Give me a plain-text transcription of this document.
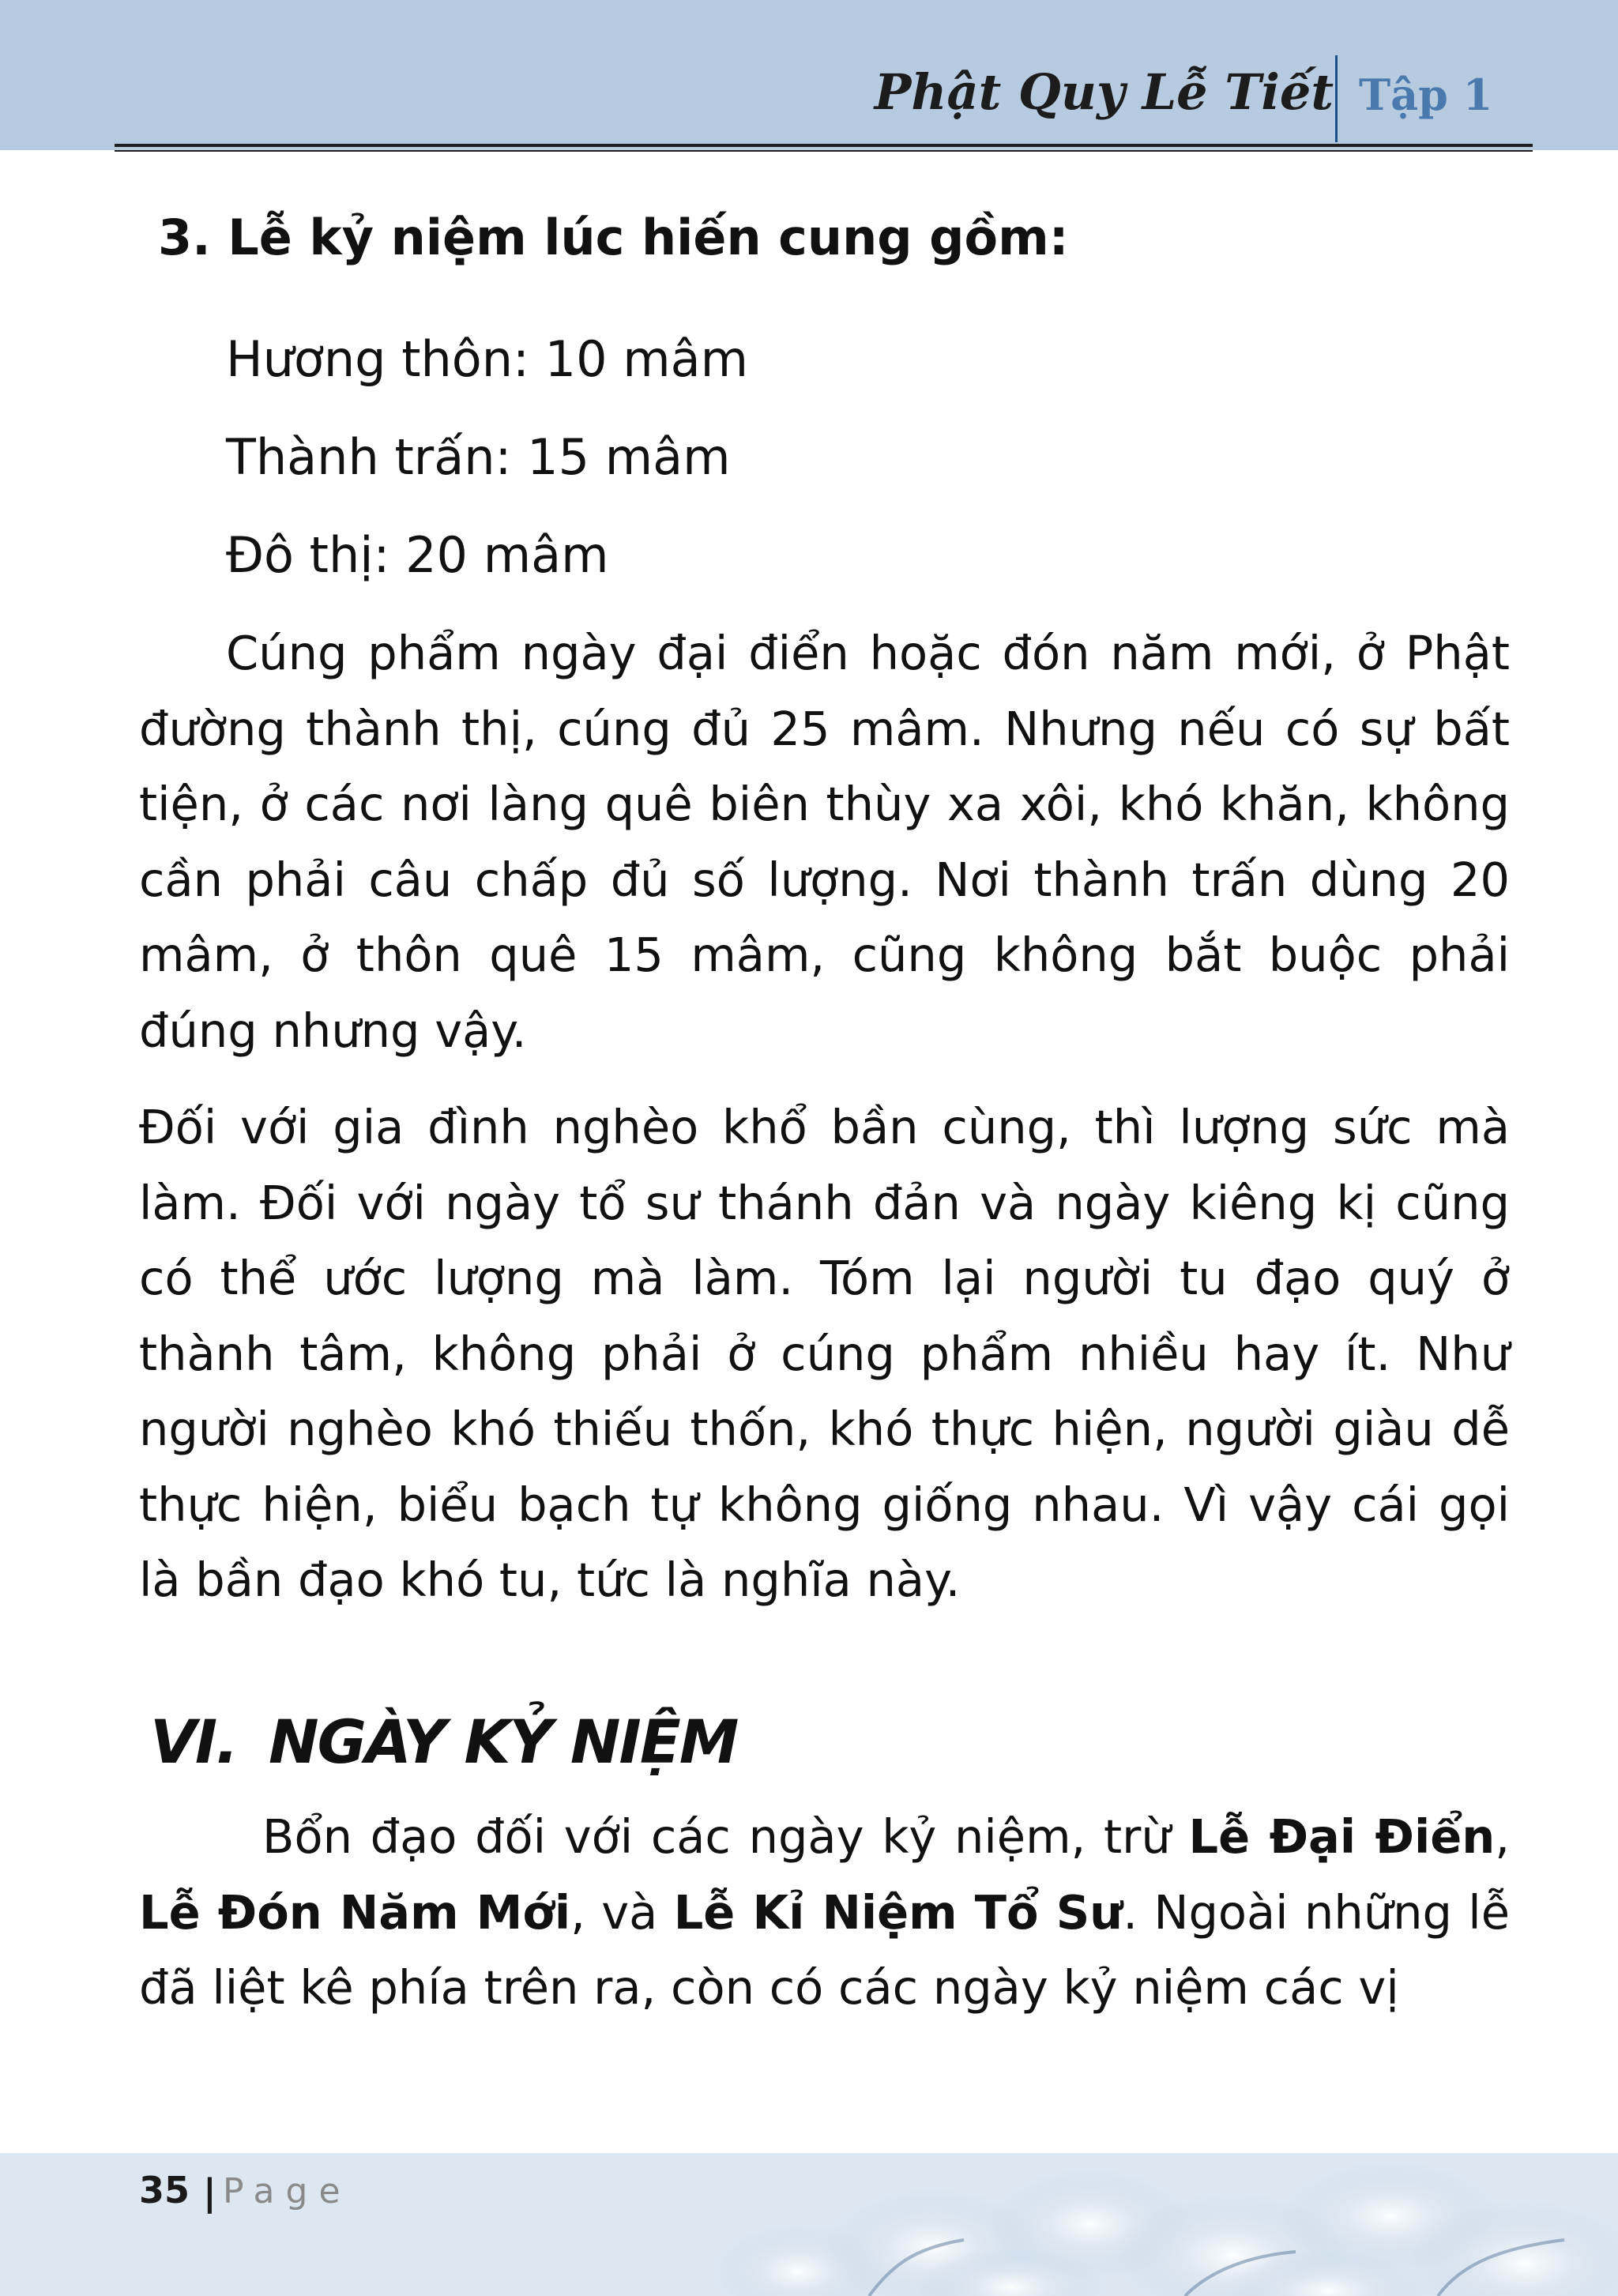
Phật Quy Lễ Tiết Tập 1
3. Lễ kỷ niệm lúc hiến cung gồm:
Hương thôn: 10 mâm
Thành trấn: 15 mâm
Đô thị: 20 mâm

Cúng phẩm ngày đại điển hoặc đón năm mới, ở Phật đường thành thị, cúng đủ 25 mâm. Nhưng nếu có sự bất tiện, ở các nơi làng quê biên thùy xa xôi, khó khăn, không cần phải câu chấp đủ số lượng. Nơi thành trấn dùng 20 mâm, ở thôn quê 15 mâm, cũng không bắt buộc phải đúng nhưng vậy.

Đối với gia đình nghèo khổ bần cùng, thì lượng sức mà làm. Đối với ngày tổ sư thánh đản và ngày kiêng kị cũng có thể ước lượng mà làm. Tóm lại người tu đạo quý ở thành tâm, không phải ở cúng phẩm nhiều hay ít. Như người nghèo khó thiếu thốn, khó thực hiện, người giàu dễ thực hiện, biểu bạch tự không giống nhau. Vì vậy cái gọi là bần đạo khó tu, tức là nghĩa này.

VI. NGÀY KỶ NIỆM

Bổn đạo đối với các ngày kỷ niệm, trừ Lễ Đại Điển, Lễ Đón Năm Mới, và Lễ Kỉ Niệm Tổ Sư. Ngoài những lễ đã liệt kê phía trên ra, còn có các ngày kỷ niệm các vị

35 | Page
